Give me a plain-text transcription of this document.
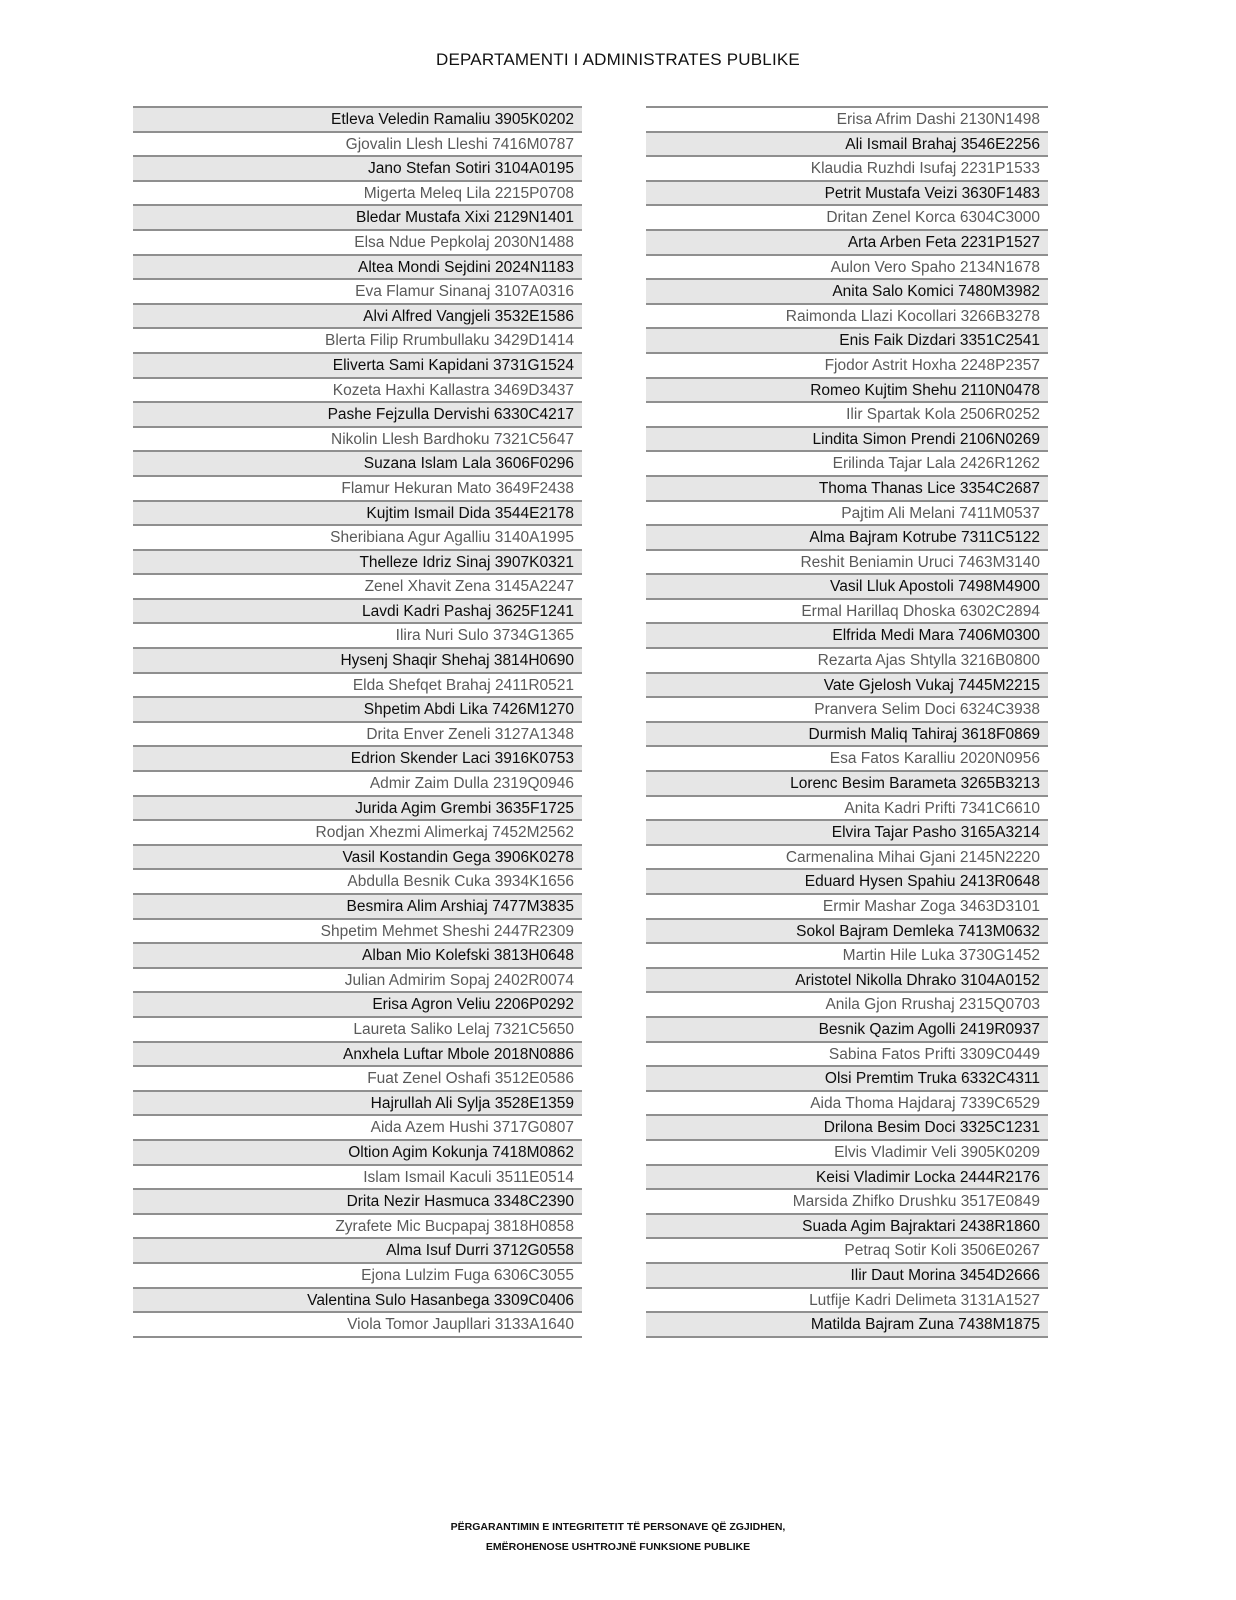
DEPARTAMENTI I ADMINISTRATES PUBLIKE
Etleva Veledin Ramaliu 3905K0202
Gjovalin Llesh Lleshi 7416M0787
Jano Stefan Sotiri 3104A0195
Migerta Meleq Lila 2215P0708
Bledar Mustafa Xixi 2129N1401
Elsa Ndue Pepkolaj 2030N1488
Altea Mondi Sejdini 2024N1183
Eva Flamur Sinanaj 3107A0316
Alvi Alfred Vangjeli 3532E1586
Blerta Filip Rrumbullaku 3429D1414
Eliverta Sami Kapidani 3731G1524
Kozeta Haxhi Kallastra 3469D3437
Pashe Fejzulla Dervishi 6330C4217
Nikolin Llesh Bardhoku 7321C5647
Suzana Islam Lala 3606F0296
Flamur Hekuran Mato 3649F2438
Kujtim Ismail Dida 3544E2178
Sheribiana Agur Agalliu 3140A1995
Thelleze Idriz Sinaj 3907K0321
Zenel Xhavit Zena 3145A2247
Lavdi Kadri Pashaj 3625F1241
Ilira Nuri Sulo 3734G1365
Hysenj Shaqir Shehaj 3814H0690
Elda Shefqet Brahaj 2411R0521
Shpetim Abdi Lika 7426M1270
Drita Enver Zeneli 3127A1348
Edrion Skender Laci 3916K0753
Admir Zaim Dulla 2319Q0946
Jurida Agim Grembi 3635F1725
Rodjan Xhezmi Alimerkaj 7452M2562
Vasil Kostandin Gega 3906K0278
Abdulla Besnik Cuka 3934K1656
Besmira Alim Arshiaj 7477M3835
Shpetim Mehmet Sheshi 2447R2309
Alban Mio Kolefski 3813H0648
Julian Admirim Sopaj 2402R0074
Erisa Agron Veliu 2206P0292
Laureta Saliko Lelaj 7321C5650
Anxhela Luftar Mbole 2018N0886
Fuat Zenel Oshafi 3512E0586
Hajrullah Ali Sylja 3528E1359
Aida Azem Hushi 3717G0807
Oltion Agim Kokunja 7418M0862
Islam Ismail Kaculi 3511E0514
Drita Nezir Hasmuca 3348C2390
Zyrafete Mic Bucpapaj 3818H0858
Alma Isuf Durri 3712G0558
Ejona Lulzim Fuga 6306C3055
Valentina Sulo Hasanbega 3309C0406
Viola Tomor Jaupllari 3133A1640
Erisa Afrim Dashi 2130N1498
Ali Ismail Brahaj 3546E2256
Klaudia Ruzhdi Isufaj 2231P1533
Petrit Mustafa Veizi 3630F1483
Dritan Zenel Korca 6304C3000
Arta Arben Feta 2231P1527
Aulon Vero Spaho 2134N1678
Anita Salo Komici 7480M3982
Raimonda Llazi Kocollari 3266B3278
Enis Faik Dizdari 3351C2541
Fjodor Astrit Hoxha 2248P2357
Romeo Kujtim Shehu 2110N0478
Ilir Spartak Kola 2506R0252
Lindita Simon Prendi 2106N0269
Erilinda Tajar Lala 2426R1262
Thoma Thanas Lice 3354C2687
Pajtim Ali Melani 7411M0537
Alma Bajram Kotrube 7311C5122
Reshit Beniamin Uruci 7463M3140
Vasil Lluk Apostoli 7498M4900
Ermal Harillaq Dhoska 6302C2894
Elfrida Medi Mara 7406M0300
Rezarta Ajas Shtylla 3216B0800
Vate Gjelosh Vukaj 7445M2215
Pranvera Selim Doci 6324C3938
Durmish Maliq Tahiraj 3618F0869
Esa Fatos Karalliu 2020N0956
Lorenc Besim Barameta 3265B3213
Anita Kadri Prifti 7341C6610
Elvira Tajar Pasho 3165A3214
Carmenalina Mihai Gjani 2145N2220
Eduard Hysen Spahiu 2413R0648
Ermir Mashar Zoga 3463D3101
Sokol Bajram Demleka 7413M0632
Martin Hile Luka 3730G1452
Aristotel Nikolla Dhrako 3104A0152
Anila Gjon Rrushaj 2315Q0703
Besnik Qazim Agolli 2419R0937
Sabina Fatos Prifti 3309C0449
Olsi Premtim Truka 6332C4311
Aida Thoma Hajdaraj 7339C6529
Drilona Besim Doci 3325C1231
Elvis Vladimir Veli 3905K0209
Keisi Vladimir Locka 2444R2176
Marsida Zhifko Drushku 3517E0849
Suada Agim Bajraktari 2438R1860
Petraq Sotir Koli 3506E0267
Ilir Daut Morina 3454D2666
Lutfije Kadri Delimeta 3131A1527
Matilda Bajram Zuna 7438M1875
PËRGARANTIMIN E INTEGRITETIT TË PERSONAVE QË ZGJIDHEN,
EMËROHENOSE USHTROJNË FUNKSIONE PUBLIKE
